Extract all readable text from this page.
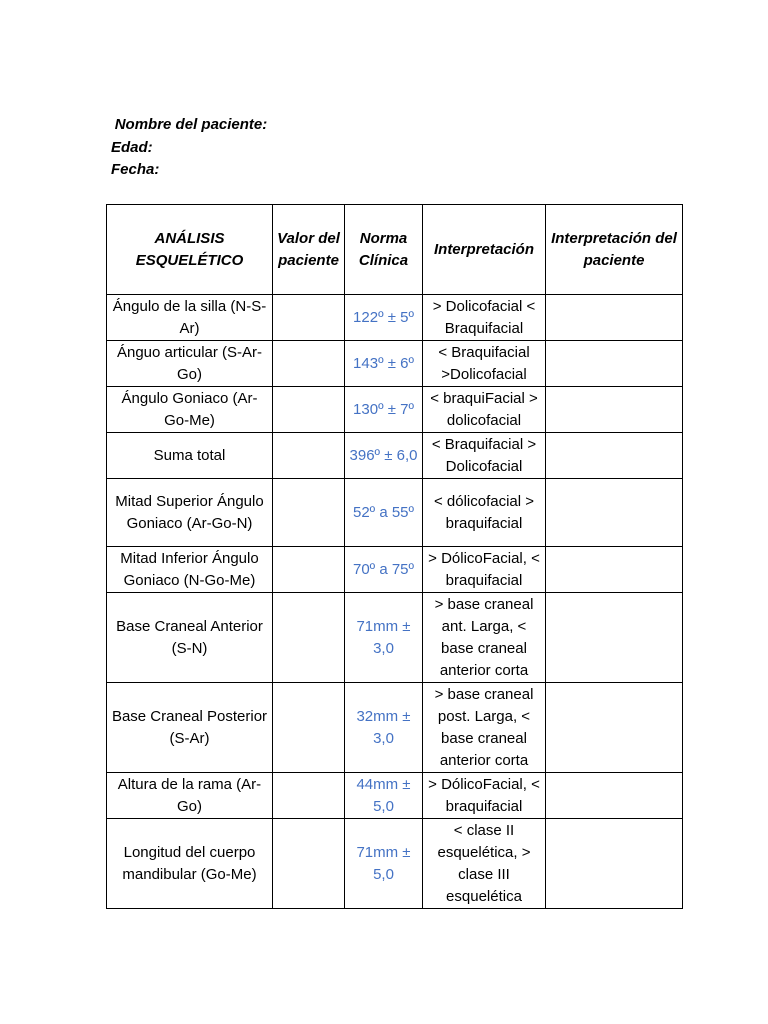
Nombre del paciente:
Edad:
Fecha:
ANÁLISIS ESQUELÉTICO	Valor del paciente	Norma Clínica	Interpretación	Interpretación del paciente
Ángulo de la silla (N-S-Ar)		122º ± 5º	> Dolicofacial < Braquifacial	
Ánguo articular (S-Ar-Go)		143º ± 6º	< Braquifacial >Dolicofacial	
Ángulo Goniaco (Ar-Go-Me)		130º ± 7º	< braquiFacial > dolicofacial	
Suma total		396º ± 6,0	< Braquifacial > Dolicofacial	
Mitad Superior Ángulo Goniaco (Ar-Go-N)		52º a 55º	< dólicofacial > braquifacial	
Mitad Inferior Ángulo Goniaco (N-Go-Me)		70º a 75º	> DólicoFacial, < braquifacial	
Base Craneal Anterior (S-N)		71mm ± 3,0	> base craneal ant. Larga, < base craneal anterior corta	
Base Craneal Posterior (S-Ar)		32mm ± 3,0	> base craneal post. Larga, < base craneal anterior corta	
Altura de la rama (Ar-Go)		44mm ± 5,0	> DólicoFacial, < braquifacial	
Longitud del cuerpo mandibular (Go-Me)		71mm ± 5,0	< clase II esquelética, > clase III esquelética	
